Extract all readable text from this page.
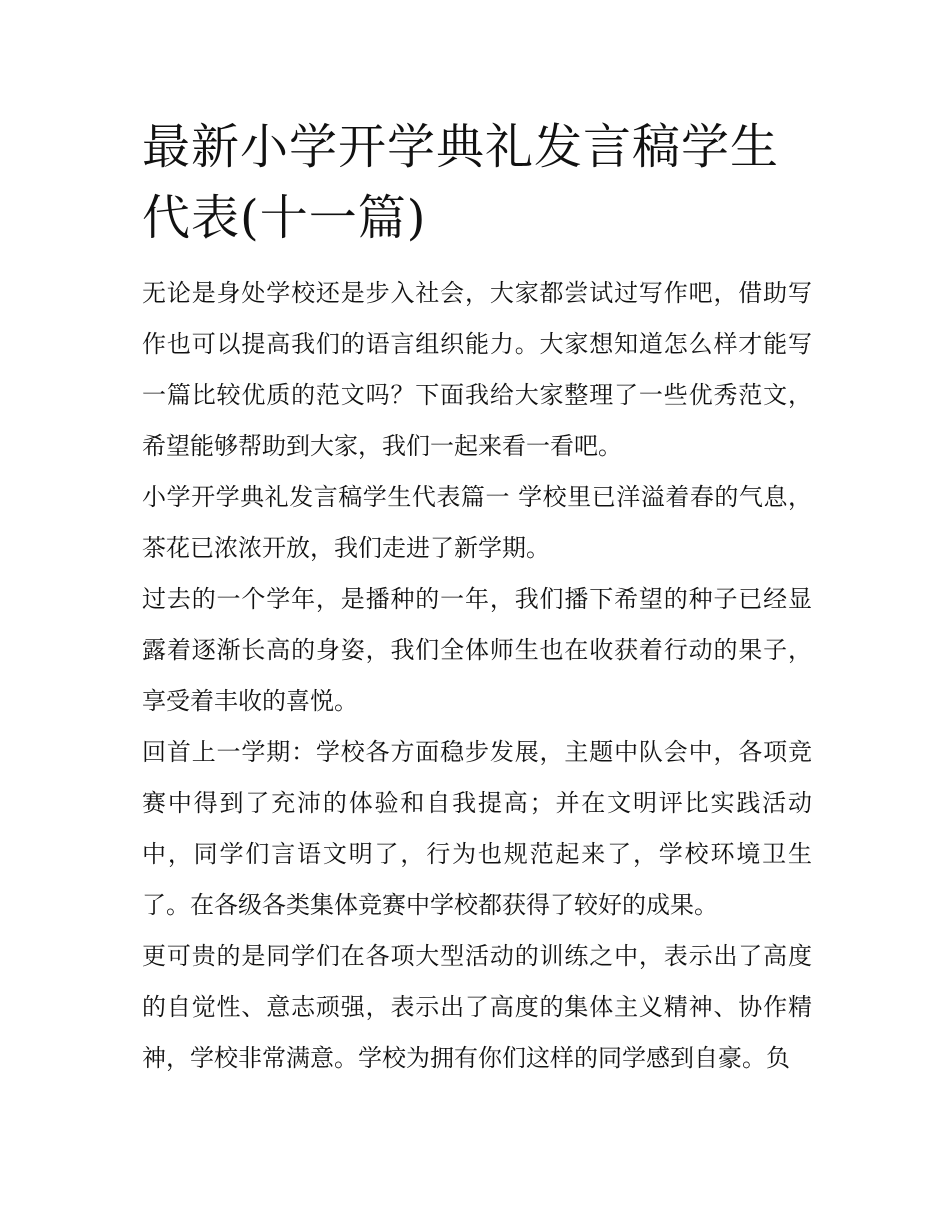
最新小学开学典礼发言稿学生代表(十一篇)

无论是身处学校还是步入社会，大家都尝试过写作吧，借助写作也可以提高我们的语言组织能力。大家想知道怎么样才能写一篇比较优质的范文吗？下面我给大家整理了一些优秀范文，希望能够帮助到大家，我们一起来看一看吧。

小学开学典礼发言稿学生代表篇一 学校里已洋溢着春的气息，茶花已浓浓开放，我们走进了新学期。

过去的一个学年，是播种的一年，我们播下希望的种子已经显露着逐渐长高的身姿，我们全体师生也在收获着行动的果子，享受着丰收的喜悦。

回首上一学期：学校各方面稳步发展，主题中队会中，各项竞赛中得到了充沛的体验和自我提高；并在文明评比实践活动中，同学们言语文明了，行为也规范起来了，学校环境卫生了。在各级各类集体竞赛中学校都获得了较好的成果。

更可贵的是同学们在各项大型活动的训练之中，表示出了高度的自觉性、意志顽强，表示出了高度的集体主义精神、协作精神，学校非常满意。学校为拥有你们这样的同学感到自豪。负
